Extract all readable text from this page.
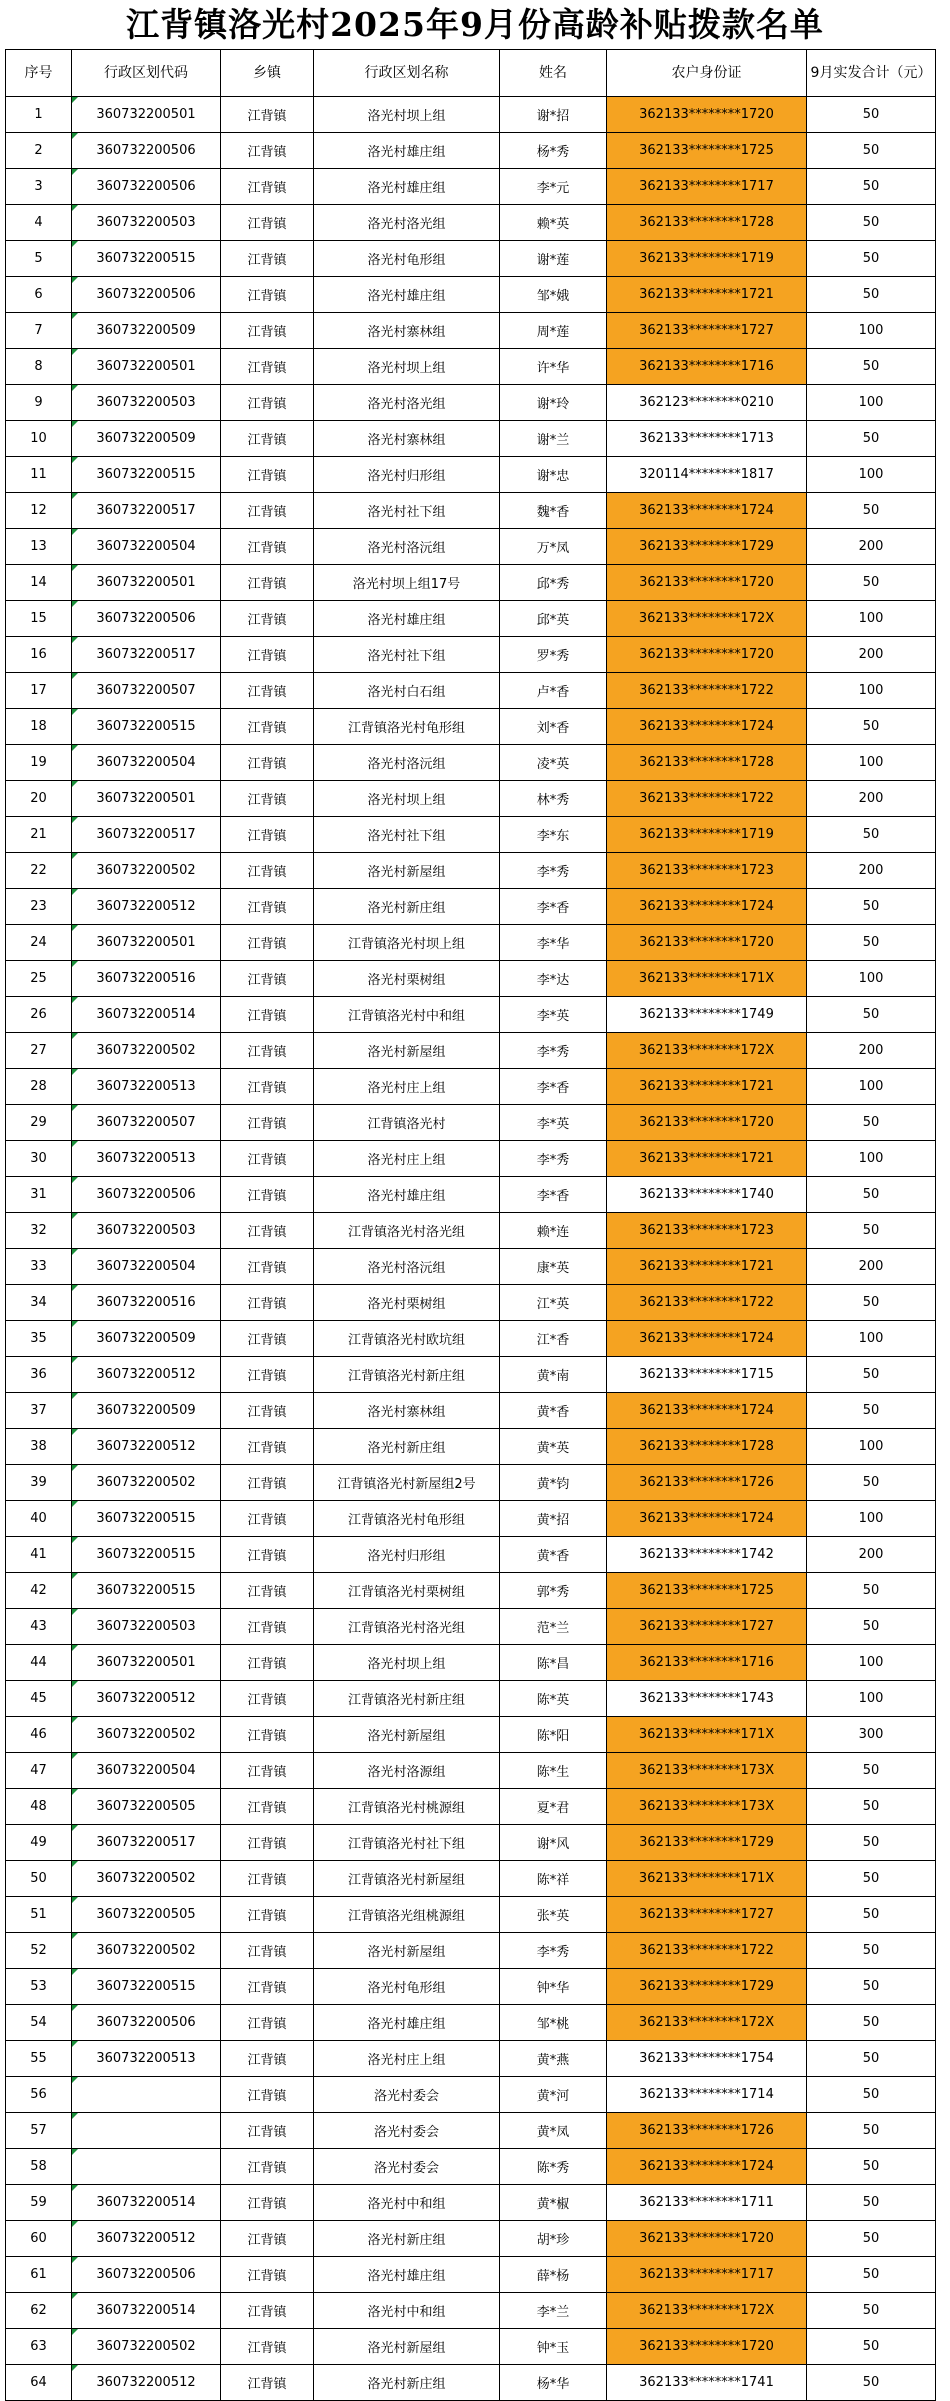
江背镇洛光村2025年9月份高龄补贴拨款名单
序号	行政区划代码	乡镇	行政区划名称	姓名	农户身份证	9月实发合计（元）
1	360732200501	江背镇	洛光村坝上组	谢*招	362133********1720	50
2	360732200506	江背镇	洛光村雄庄组	杨*秀	362133********1725	50
3	360732200506	江背镇	洛光村雄庄组	李*元	362133********1717	50
4	360732200503	江背镇	洛光村洛光组	赖*英	362133********1728	50
5	360732200515	江背镇	洛光村龟形组	谢*莲	362133********1719	50
6	360732200506	江背镇	洛光村雄庄组	邹*娥	362133********1721	50
7	360732200509	江背镇	洛光村寨林组	周*莲	362133********1727	100
8	360732200501	江背镇	洛光村坝上组	许*华	362133********1716	50
9	360732200503	江背镇	洛光村洛光组	谢*玲	362123********0210	100
10	360732200509	江背镇	洛光村寨林组	谢*兰	362133********1713	50
11	360732200515	江背镇	洛光村归形组	谢*忠	320114********1817	100
12	360732200517	江背镇	洛光村社下组	魏*香	362133********1724	50
13	360732200504	江背镇	洛光村洛沅组	万*凤	362133********1729	200
14	360732200501	江背镇	洛光村坝上组17号	邱*秀	362133********1720	50
15	360732200506	江背镇	洛光村雄庄组	邱*英	362133********172X	100
16	360732200517	江背镇	洛光村社下组	罗*秀	362133********1720	200
17	360732200507	江背镇	洛光村白石组	卢*香	362133********1722	100
18	360732200515	江背镇	江背镇洛光村龟形组	刘*香	362133********1724	50
19	360732200504	江背镇	洛光村洛沅组	凌*英	362133********1728	100
20	360732200501	江背镇	洛光村坝上组	林*秀	362133********1722	200
21	360732200517	江背镇	洛光村社下组	李*东	362133********1719	50
22	360732200502	江背镇	洛光村新屋组	李*秀	362133********1723	200
23	360732200512	江背镇	洛光村新庄组	李*香	362133********1724	50
24	360732200501	江背镇	江背镇洛光村坝上组	李*华	362133********1720	50
25	360732200516	江背镇	洛光村栗树组	李*达	362133********171X	100
26	360732200514	江背镇	江背镇洛光村中和组	李*英	362133********1749	50
27	360732200502	江背镇	洛光村新屋组	李*秀	362133********172X	200
28	360732200513	江背镇	洛光村庄上组	李*香	362133********1721	100
29	360732200507	江背镇	江背镇洛光村	李*英	362133********1720	50
30	360732200513	江背镇	洛光村庄上组	李*秀	362133********1721	100
31	360732200506	江背镇	洛光村雄庄组	李*香	362133********1740	50
32	360732200503	江背镇	江背镇洛光村洛光组	赖*连	362133********1723	50
33	360732200504	江背镇	洛光村洛沅组	康*英	362133********1721	200
34	360732200516	江背镇	洛光村栗树组	江*英	362133********1722	50
35	360732200509	江背镇	江背镇洛光村欧坑组	江*香	362133********1724	100
36	360732200512	江背镇	江背镇洛光村新庄组	黄*南	362133********1715	50
37	360732200509	江背镇	洛光村寨林组	黄*香	362133********1724	50
38	360732200512	江背镇	洛光村新庄组	黄*英	362133********1728	100
39	360732200502	江背镇	江背镇洛光村新屋组2号	黄*钧	362133********1726	50
40	360732200515	江背镇	江背镇洛光村龟形组	黄*招	362133********1724	100
41	360732200515	江背镇	洛光村归形组	黄*香	362133********1742	200
42	360732200515	江背镇	江背镇洛光村栗树组	郭*秀	362133********1725	50
43	360732200503	江背镇	江背镇洛光村洛光组	范*兰	362133********1727	50
44	360732200501	江背镇	洛光村坝上组	陈*昌	362133********1716	100
45	360732200512	江背镇	江背镇洛光村新庄组	陈*英	362133********1743	100
46	360732200502	江背镇	洛光村新屋组	陈*阳	362133********171X	300
47	360732200504	江背镇	洛光村洛源组	陈*生	362133********173X	50
48	360732200505	江背镇	江背镇洛光村桃源组	夏*君	362133********173X	50
49	360732200517	江背镇	江背镇洛光村社下组	谢*风	362133********1729	50
50	360732200502	江背镇	江背镇洛光村新屋组	陈*祥	362133********171X	50
51	360732200505	江背镇	江背镇洛光组桃源组	张*英	362133********1727	50
52	360732200502	江背镇	洛光村新屋组	李*秀	362133********1722	50
53	360732200515	江背镇	洛光村龟形组	钟*华	362133********1729	50
54	360732200506	江背镇	洛光村雄庄组	邹*桃	362133********172X	50
55	360732200513	江背镇	洛光村庄上组	黄*燕	362133********1754	50
56		江背镇	洛光村委会	黄*河	362133********1714	50
57		江背镇	洛光村委会	黄*凤	362133********1726	50
58		江背镇	洛光村委会	陈*秀	362133********1724	50
59	360732200514	江背镇	洛光村中和组	黄*椒	362133********1711	50
60	360732200512	江背镇	洛光村新庄组	胡*珍	362133********1720	50
61	360732200506	江背镇	洛光村雄庄组	薛*杨	362133********1717	50
62	360732200514	江背镇	洛光村中和组	李*兰	362133********172X	50
63	360732200502	江背镇	洛光村新屋组	钟*玉	362133********1720	50
64	360732200512	江背镇	洛光村新庄组	杨*华	362133********1741	50
